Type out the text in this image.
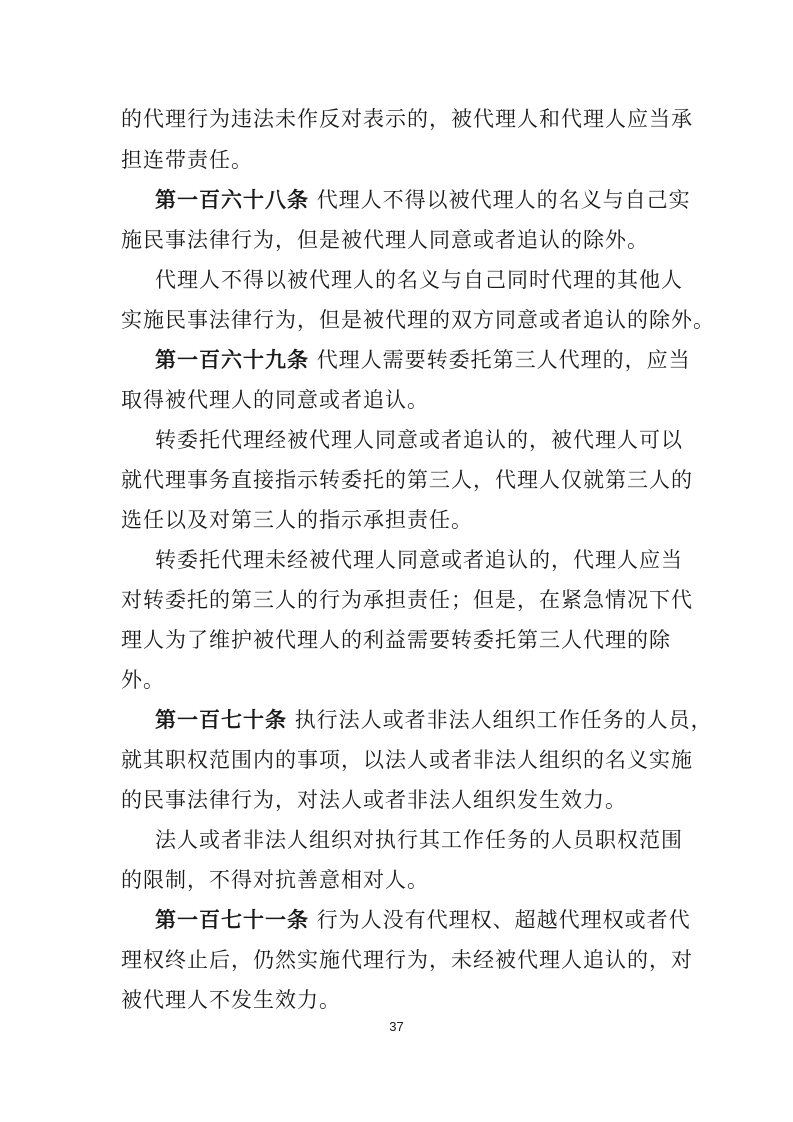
的代理行为违法未作反对表示的，被代理人和代理人应当承
担连带责任。
第一百六十八条 代理人不得以被代理人的名义与自己实
施民事法律行为，但是被代理人同意或者追认的除外。
代理人不得以被代理人的名义与自己同时代理的其他人
实施民事法律行为，但是被代理的双方同意或者追认的除外。
第一百六十九条 代理人需要转委托第三人代理的，应当
取得被代理人的同意或者追认。
转委托代理经被代理人同意或者追认的，被代理人可以
就代理事务直接指示转委托的第三人，代理人仅就第三人的
选任以及对第三人的指示承担责任。
转委托代理未经被代理人同意或者追认的，代理人应当
对转委托的第三人的行为承担责任；但是，在紧急情况下代
理人为了维护被代理人的利益需要转委托第三人代理的除
外。
第一百七十条 执行法人或者非法人组织工作任务的人员，
就其职权范围内的事项，以法人或者非法人组织的名义实施
的民事法律行为，对法人或者非法人组织发生效力。
法人或者非法人组织对执行其工作任务的人员职权范围
的限制，不得对抗善意相对人。
第一百七十一条 行为人没有代理权、超越代理权或者代
理权终止后，仍然实施代理行为，未经被代理人追认的，对
被代理人不发生效力。
37
